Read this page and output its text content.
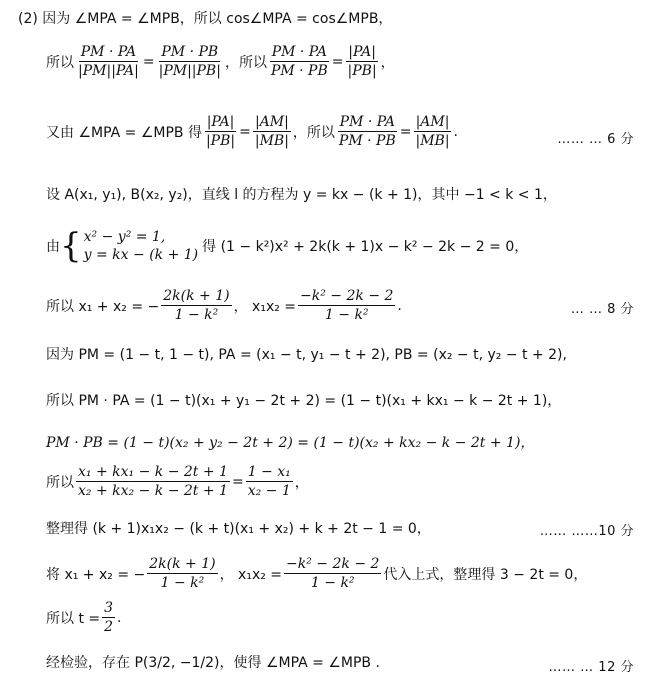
(2) 因为 ∠MPA = ∠MPB，所以 cos∠MPA = cos∠MPB，
所以 $\frac{PM \cdot PA}{|PM||PA|} = \frac{PM \cdot PB}{|PM||PB|}$ ，所以 $\frac{PM \cdot PA}{PM \cdot PB} = \frac{|PA|}{|PB|}$ ，
又由 ∠MPA = ∠MPB 得 $\frac{|PA|}{|PB|} = \frac{|AM|}{|MB|}$ ，所以 $\frac{PM \cdot PA}{PM \cdot PB} = \frac{|AM|}{|MB|}$ .	…… … 6 分
设 A(x₁, y₁), B(x₂, y₂)，直线 l 的方程为 y = kx − (k + 1)，其中 −1 < k < 1，
由 { x² − y² = 1,
y = kx − (k + 1) 得 (1 − k²)x² + 2k(k + 1)x − k² − 2k − 2 = 0，
所以 x₁ + x₂ = − $\frac{2k(k + 1)}{\text{1 − k²}}$ ， $x_1x_2 = \frac{\text{−k² − 2k − 2}}{\text{1 − k²}}$ .	… … 8 分
因为 PM = (1 − t, 1 − t), PA = (x₁ − t, y₁ − t + 2), PB = (x₂ − t, y₂ − t + 2),
所以 PM · PA = (1 − t)(x₁ + y₁ − 2t + 2) = (1 − t)(x₁ + kx₁ − k − 2t + 1)，
PM · PB = (1 − t)(x₂ + y₂ − 2t + 2) = (1 − t)(x₂ + kx₂ − k − 2t + 1)，
所以 $\frac{\text{x₁ + kx₁ − k − 2t + 1}}{\text{x₂ + kx₂ − k − 2t + 1}} = \frac{\text{1 − x₁}}{\text{x₂ − 1}}$ ，
整理得 (k + 1)x₁x₂ − (k + t)(x₁ + x₂) + k + 2t − 1 = 0，	…… ……10 分
将 x₁ + x₂ = − $\frac{2k(k + 1)}{\text{1 − k²}}$ ， $x_1x_2 = \frac{\text{−k² − 2k − 2}}{\text{1 − k²}}$ 代入上式，整理得 3 − 2t = 0，
所以 $t = \frac{3}{2}$ .
经检验，存在 P(3/2, −1/2)，使得 ∠MPA = ∠MPB .	…… … 12 分
